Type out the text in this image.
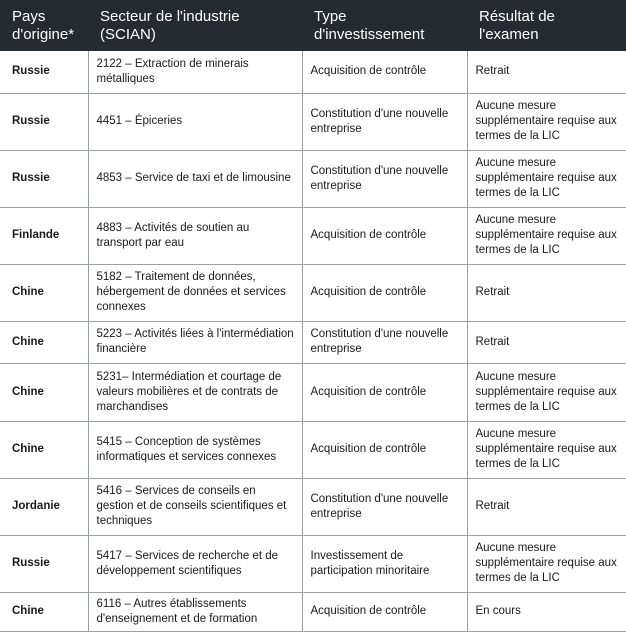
Pays d'origine*	Secteur de l'industrie (SCIAN)	Type d'investissement	Résultat de l'examen
Russie	2122 – Extraction de minerais métalliques	Acquisition de contrôle	Retrait
Russie	4451 – Épiceries	Constitution d'une nouvelle entreprise	Aucune mesure supplémentaire requise aux termes de la LIC
Russie	4853 – Service de taxi et de limousine	Constitution d'une nouvelle entreprise	Aucune mesure supplémentaire requise aux termes de la LIC
Finlande	4883 – Activités de soutien au transport par eau	Acquisition de contrôle	Aucune mesure supplémentaire requise aux termes de la LIC
Chine	5182 – Traitement de données, hébergement de données et services connexes	Acquisition de contrôle	Retrait
Chine	5223 – Activités liées à l'intermédiation financière	Constitution d'une nouvelle entreprise	Retrait
Chine	5231– Intermédiation et courtage de valeurs mobilières et de contrats de marchandises	Acquisition de contrôle	Aucune mesure supplémentaire requise aux termes de la LIC
Chine	5415 – Conception de systèmes informatiques et services connexes	Acquisition de contrôle	Aucune mesure supplémentaire requise aux termes de la LIC
Jordanie	5416 – Services de conseils en gestion et de conseils scientifiques et techniques	Constitution d'une nouvelle entreprise	Retrait
Russie	5417 – Services de recherche et de développement scientifiques	Investissement de participation minoritaire	Aucune mesure supplémentaire requise aux termes de la LIC
Chine	6116 – Autres établissements d'enseignement et de formation	Acquisition de contrôle	En cours
